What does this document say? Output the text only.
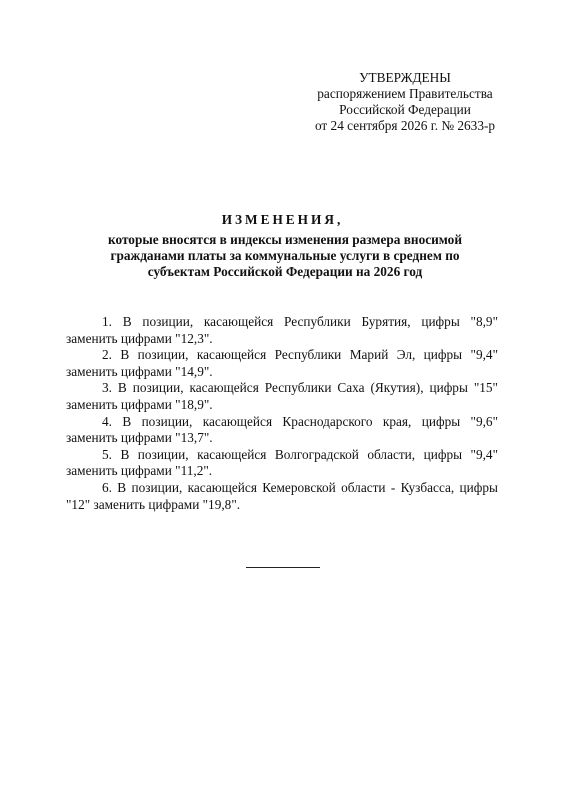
УТВЕРЖДЕНЫ
распоряжением Правительства
Российской Федерации
от 24 сентября 2026 г. № 2633-р
ИЗМЕНЕНИЯ,
которые вносятся в индексы изменения размера вносимой гражданами платы за коммунальные услуги в среднем по субъектам Российской Федерации на 2026 год

1. В позиции, касающейся Республики Бурятия, цифры "8,9" заменить цифрами "12,3".

2. В позиции, касающейся Республики Марий Эл, цифры "9,4" заменить цифрами "14,9".

3. В позиции, касающейся Республики Саха (Якутия), цифры "15" заменить цифрами "18,9".

4. В позиции, касающейся Краснодарского края, цифры "9,6" заменить цифрами "13,7".

5. В позиции, касающейся Волгоградской области, цифры "9,4" заменить цифрами "11,2".

6. В позиции, касающейся Кемеровской области - Кузбасса, цифры "12" заменить цифрами "19,8".
